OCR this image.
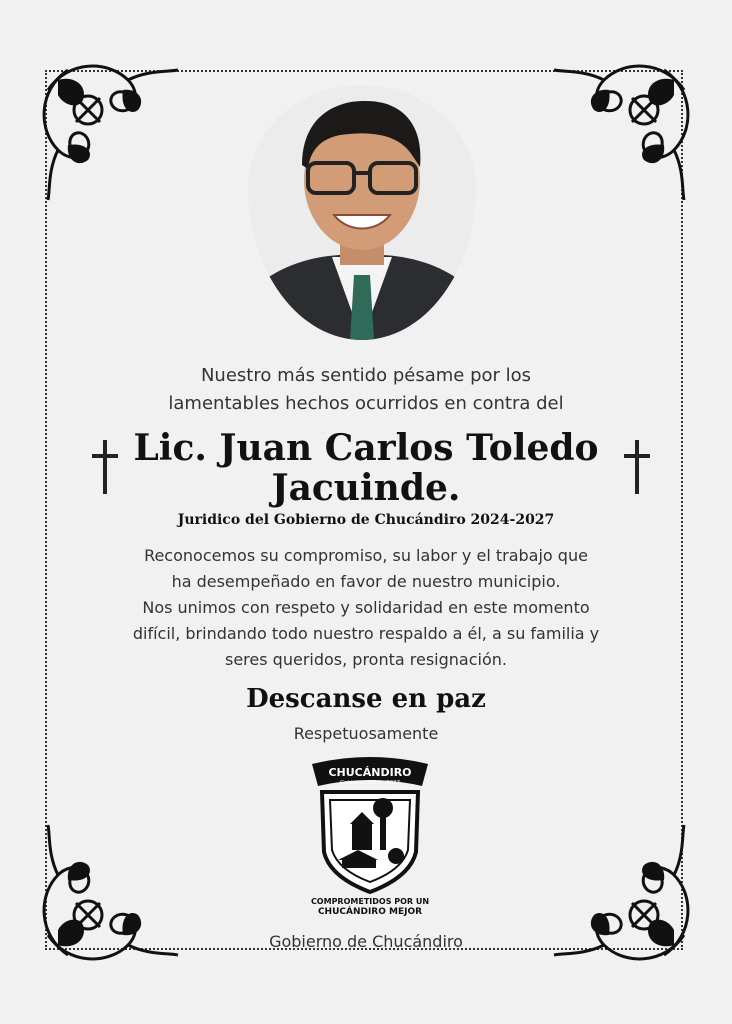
Nuestro más sentido pésame por los
lamentables hechos ocurridos en contra del
Lic. Juan Carlos Toledo
Jacuinde.
Juridico del Gobierno de Chucándiro 2024-2027
Reconocemos su compromiso, su labor y el trabajo que
ha desempeñado en favor de nuestro municipio.
Nos unimos con respeto y solidaridad en este momento
difícil, brindando todo nuestro respaldo a él, a su familia y
seres queridos, pronta resignación.
Descanse en paz
Respetuosamente
CHUCÁNDIRO
Gobierno 2024 - 2027
COMPROMETIDOS POR UN
CHUCÁNDIRO MEJOR
Gobierno de Chucándiro
